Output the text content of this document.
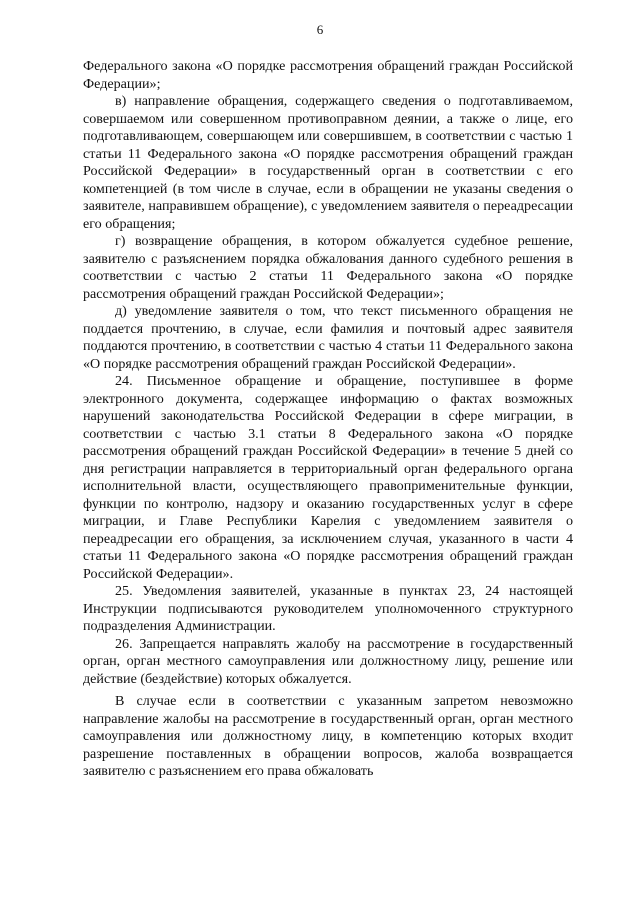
6

Федерального закона «О порядке рассмотрения обращений граждан Российской Федерации»;

в) направление обращения, содержащего сведения о подготавливаемом, совершаемом или совершенном противоправном деянии, а также о лице, его подготавливающем, совершающем или совершившем, в соответствии с частью 1 статьи 11 Федерального закона «О порядке рассмотрения обращений граждан Российской Федерации» в государственный орган в соответствии с его компетенцией (в том числе в случае, если в обращении не указаны сведения о заявителе, направившем обращение), с уведомлением заявителя о переадресации его обращения;

г) возвращение обращения, в котором обжалуется судебное решение, заявителю с разъяснением порядка обжалования данного судебного решения в соответствии с частью 2 статьи 11 Федерального закона «О порядке рассмотрения обращений граждан Российской Федерации»;

д) уведомление заявителя о том, что текст письменного обращения не поддается прочтению, в случае, если фамилия и почтовый адрес заявителя поддаются прочтению, в соответствии с частью 4 статьи 11 Федерального закона «О порядке рассмотрения обращений граждан Российской Федерации».

24. Письменное обращение и обращение, поступившее в форме электронного документа, содержащее информацию о фактах возможных нарушений законодательства Российской Федерации в сфере миграции, в соответствии с частью 3.1 статьи 8 Федерального закона «О порядке рассмотрения обращений граждан Российской Федерации» в течение 5 дней со дня регистрации направляется в территориальный орган федерального органа исполнительной власти, осуществляющего правоприменительные функции, функции по контролю, надзору и оказанию государственных услуг в сфере миграции, и Главе Республики Карелия с уведомлением заявителя о переадресации его обращения, за исключением случая, указанного в части 4 статьи 11 Федерального закона «О порядке рассмотрения обращений граждан Российской Федерации».

25. Уведомления заявителей, указанные в пунктах 23, 24 настоящей Инструкции подписываются руководителем уполномоченного структурного подразделения Администрации.

26. Запрещается направлять жалобу на рассмотрение в государственный орган, орган местного самоуправления или должностному лицу, решение или действие (бездействие) которых обжалуется.

В случае если в соответствии с указанным запретом невозможно направление жалобы на рассмотрение в государственный орган, орган местного самоуправления или должностному лицу, в компетенцию которых входит разрешение поставленных в обращении вопросов, жалоба возвращается заявителю с разъяснением его права обжаловать
